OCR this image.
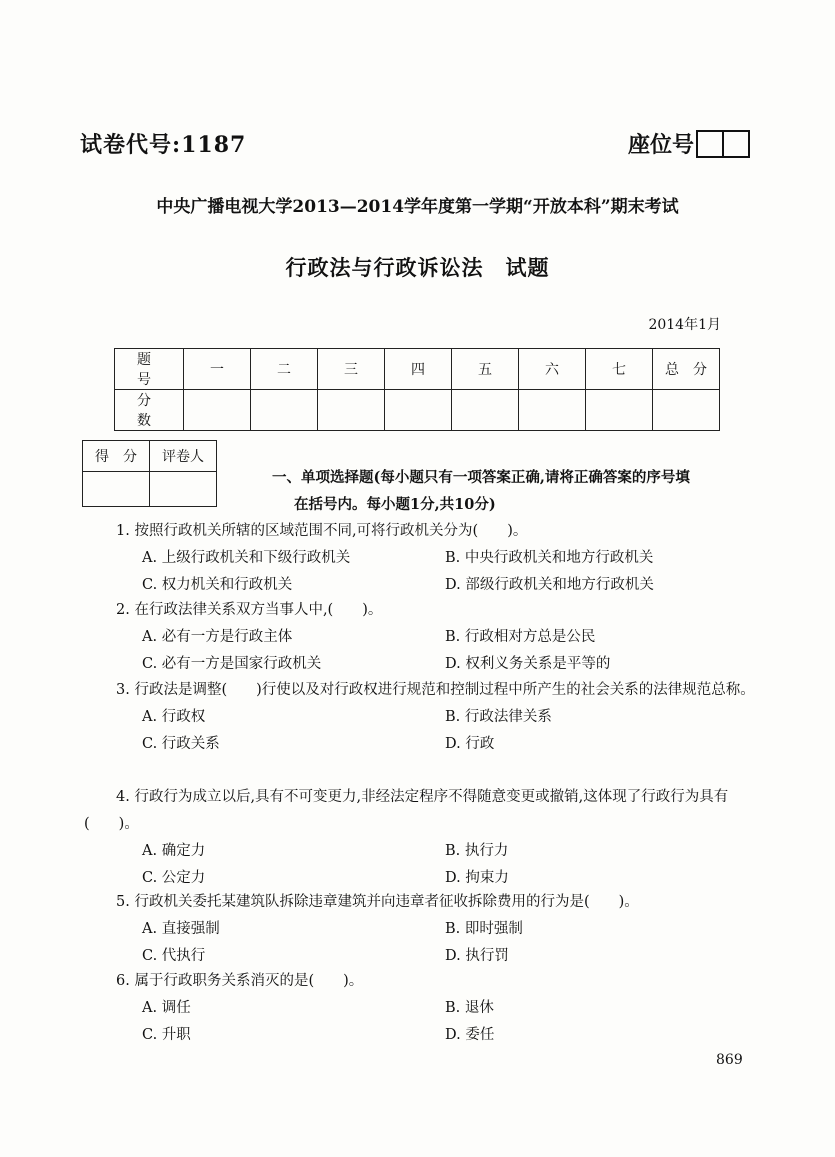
试卷代号:1187	座位号
中央广播电视大学2013—2014学年度第一学期“开放本科”期末考试
行政法与行政诉讼法　试题
2014年1月
题　号	一	二	三	四	五	六	七	总　分
分　数								
得　分	评卷人

一、单项选择题(每小题只有一项答案正确,请将正确答案的序号填
在括号内。每小题1分,共10分)
1. 按照行政机关所辖的区域范围不同,可将行政机关分为(　　)。
A. 上级行政机关和下级行政机关	B. 中央行政机关和地方行政机关
C. 权力机关和行政机关	D. 部级行政机关和地方行政机关
2. 在行政法律关系双方当事人中,(　　)。
A. 必有一方是行政主体	B. 行政相对方总是公民
C. 必有一方是国家行政机关	D. 权利义务关系是平等的
3. 行政法是调整(　　)行使以及对行政权进行规范和控制过程中所产生的社会关系的法律规范总称。
A. 行政权	B. 行政法律关系
C. 行政关系	D. 行政
4. 行政行为成立以后,具有不可变更力,非经法定程序不得随意变更或撤销,这体现了行政行为具有(　　)。
A. 确定力	B. 执行力
C. 公定力	D. 拘束力
5. 行政机关委托某建筑队拆除违章建筑并向违章者征收拆除费用的行为是(　　)。
A. 直接强制	B. 即时强制
C. 代执行	D. 执行罚
6. 属于行政职务关系消灭的是(　　)。
A. 调任	B. 退休
C. 升职	D. 委任
869
